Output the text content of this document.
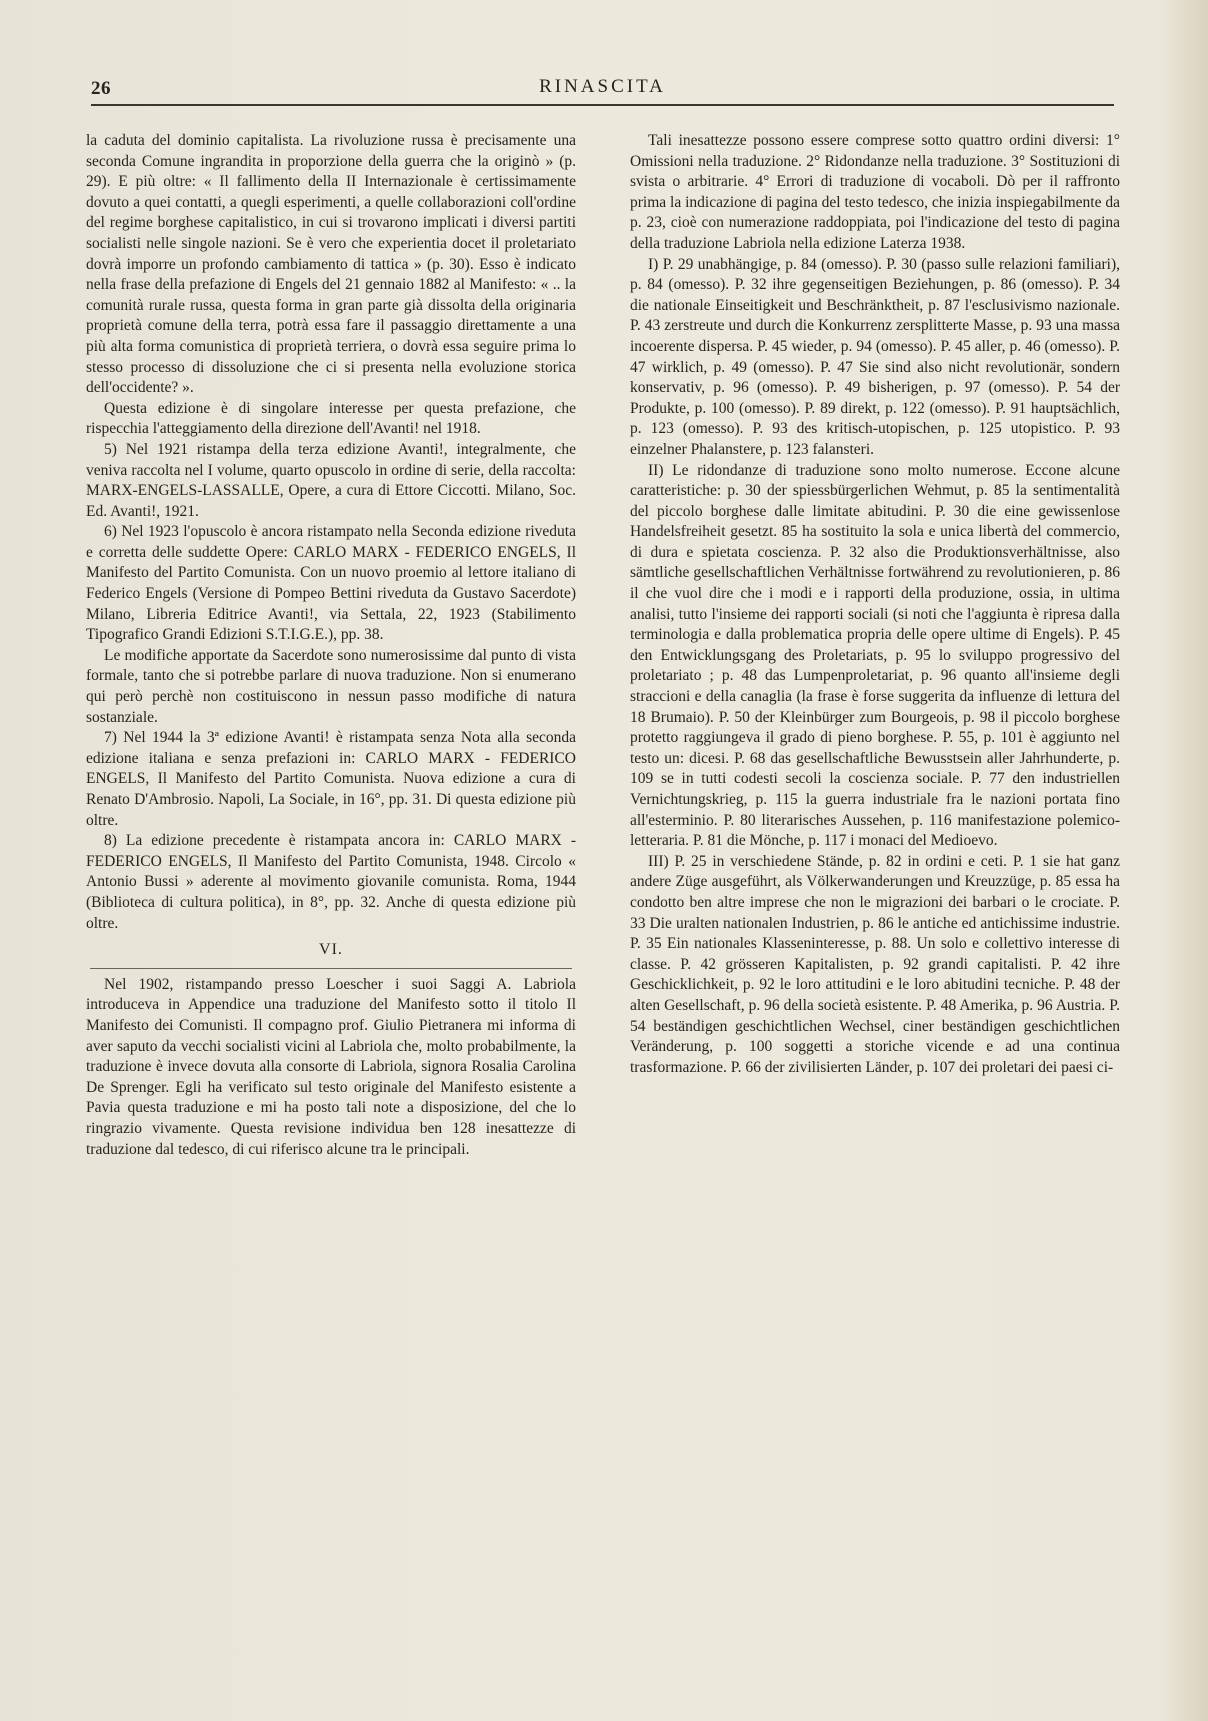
26	RINASCITA

la caduta del dominio capitalista. La rivoluzione russa è precisamente una seconda Comune ingrandita in proporzione della guerra che la originò » (p. 29). E più oltre: « Il fallimento della II Internazionale è certissimamente dovuto a quei contatti, a quegli esperimenti, a quelle collaborazioni coll'ordine del regime borghese capitalistico, in cui si trovarono implicati i diversi partiti socialisti nelle singole nazioni. Se è vero che experientia docet il proletariato dovrà imporre un profondo cambiamento di tattica » (p. 30). Esso è indicato nella frase della prefazione di Engels del 21 gennaio 1882 al Manifesto: « .. la comunità rurale russa, questa forma in gran parte già dissolta della originaria proprietà comune della terra, potrà essa fare il passaggio direttamente a una più alta forma comunistica di proprietà terriera, o dovrà essa seguire prima lo stesso processo di dissoluzione che ci si presenta nella evoluzione storica dell'occidente? ».

Questa edizione è di singolare interesse per questa prefazione, che rispecchia l'atteggiamento della direzione dell'Avanti! nel 1918.

5) Nel 1921 ristampa della terza edizione Avanti!, integralmente, che veniva raccolta nel I volume, quarto opuscolo in ordine di serie, della raccolta: MARX-ENGELS-LASSALLE, Opere, a cura di Ettore Ciccotti. Milano, Soc. Ed. Avanti!, 1921.

6) Nel 1923 l'opuscolo è ancora ristampato nella Seconda edizione riveduta e corretta delle suddette Opere: CARLO MARX - FEDERICO ENGELS, Il Manifesto del Partito Comunista. Con un nuovo proemio al lettore italiano di Federico Engels (Versione di Pompeo Bettini riveduta da Gustavo Sacerdote) Milano, Libreria Editrice Avanti!, via Settala, 22, 1923 (Stabilimento Tipografico Grandi Edizioni S.T.I.G.E.), pp. 38.

Le modifiche apportate da Sacerdote sono numerosissime dal punto di vista formale, tanto che si potrebbe parlare di nuova traduzione. Non si enumerano qui però perchè non costituiscono in nessun passo modifiche di natura sostanziale.

7) Nel 1944 la 3ª edizione Avanti! è ristampata senza Nota alla seconda edizione italiana e senza prefazioni in: CARLO MARX - FEDERICO ENGELS, Il Manifesto del Partito Comunista. Nuova edizione a cura di Renato D'Ambrosio. Napoli, La Sociale, in 16°, pp. 31. Di questa edizione più oltre.

8) La edizione precedente è ristampata ancora in: CARLO MARX - FEDERICO ENGELS, Il Manifesto del Partito Comunista, 1948. Circolo « Antonio Bussi » aderente al movimento giovanile comunista. Roma, 1944 (Biblioteca di cultura politica), in 8°, pp. 32. Anche di questa edizione più oltre.

VI.

Nel 1902, ristampando presso Loescher i suoi Saggi A. Labriola introduceva in Appendice una traduzione del Manifesto sotto il titolo Il Manifesto dei Comunisti. Il compagno prof. Giulio Pietranera mi informa di aver saputo da vecchi socialisti vicini al Labriola che, molto probabilmente, la traduzione è invece dovuta alla consorte di Labriola, signora Rosalia Carolina De Sprenger. Egli ha verificato sul testo originale del Manifesto esistente a Pavia questa traduzione e mi ha posto tali note a disposizione, del che lo ringrazio vivamente. Questa revisione individua ben 128 inesattezze di traduzione dal tedesco, di cui riferisco alcune tra le principali.

Tali inesattezze possono essere comprese sotto quattro ordini diversi: 1° Omissioni nella traduzione. 2° Ridondanze nella traduzione. 3° Sostituzioni di svista o arbitrarie. 4° Errori di traduzione di vocaboli. Dò per il raffronto prima la indicazione di pagina del testo tedesco, che inizia inspiegabilmente da p. 23, cioè con numerazione raddoppiata, poi l'indicazione del testo di pagina della traduzione Labriola nella edizione Laterza 1938.

I) P. 29 unabhängige, p. 84 (omesso). P. 30 (passo sulle relazioni familiari), p. 84 (omesso). P. 32 ihre gegenseitigen Beziehungen, p. 86 (omesso). P. 34 die nationale Einseitigkeit und Beschränktheit, p. 87 l'esclusivismo nazionale. P. 43 zerstreute und durch die Konkurrenz zersplitterte Masse, p. 93 una massa incoerente dispersa. P. 45 wieder, p. 94 (omesso). P. 45 aller, p. 46 (omesso). P. 47 wirklich, p. 49 (omesso). P. 47 Sie sind also nicht revolutionär, sondern konservativ, p. 96 (omesso). P. 49 bisherigen, p. 97 (omesso). P. 54 der Produkte, p. 100 (omesso). P. 89 direkt, p. 122 (omesso). P. 91 hauptsächlich, p. 123 (omesso). P. 93 des kritisch-utopischen, p. 125 utopistico. P. 93 einzelner Phalanstere, p. 123 falansteri.

II) Le ridondanze di traduzione sono molto numerose. Eccone alcune caratteristiche: p. 30 der spiessbürgerlichen Wehmut, p. 85 la sentimentalità del piccolo borghese dalle limitate abitudini. P. 30 die eine gewissenlose Handelsfreiheit gesetzt. 85 ha sostituito la sola e unica libertà del commercio, di dura e spietata coscienza. P. 32 also die Produktionsverhältnisse, also sämtliche gesellschaftlichen Verhältnisse fortwährend zu revolutionieren, p. 86 il che vuol dire che i modi e i rapporti della produzione, ossia, in ultima analisi, tutto l'insieme dei rapporti sociali (si noti che l'aggiunta è ripresa dalla terminologia e dalla problematica propria delle opere ultime di Engels). P. 45 den Entwicklungsgang des Proletariats, p. 95 lo sviluppo progressivo del proletariato ; p. 48 das Lumpenproletariat, p. 96 quanto all'insieme degli straccioni e della canaglia (la frase è forse suggerita da influenze di lettura del 18 Brumaio). P. 50 der Kleinbürger zum Bourgeois, p. 98 il piccolo borghese protetto raggiungeva il grado di pieno borghese. P. 55, p. 101 è aggiunto nel testo un: dicesi. P. 68 das gesellschaftliche Bewusstsein aller Jahrhunderte, p. 109 se in tutti codesti secoli la coscienza sociale. P. 77 den industriellen Vernichtungskrieg, p. 115 la guerra industriale fra le nazioni portata fino all'esterminio. P. 80 literarisches Aussehen, p. 116 manifestazione polemico-letteraria. P. 81 die Mönche, p. 117 i monaci del Medioevo.

III) P. 25 in verschiedene Stände, p. 82 in ordini e ceti. P. 1 sie hat ganz andere Züge ausgeführt, als Völkerwanderungen und Kreuzzüge, p. 85 essa ha condotto ben altre imprese che non le migrazioni dei barbari o le crociate. P. 33 Die uralten nationalen Industrien, p. 86 le antiche ed antichissime industrie. P. 35 Ein nationales Klasseninteresse, p. 88. Un solo e collettivo interesse di classe. P. 42 grösseren Kapitalisten, p. 92 grandi capitalisti. P. 42 ihre Geschicklichkeit, p. 92 le loro attitudini e le loro abitudini tecniche. P. 48 der alten Gesellschaft, p. 96 della società esistente. P. 48 Amerika, p. 96 Austria. P. 54 beständigen geschichtlichen Wechsel, ciner beständigen geschichtlichen Veränderung, p. 100 soggetti a storiche vicende e ad una continua trasformazione. P. 66 der zivilisierten Länder, p. 107 dei proletari dei paesi ci-
